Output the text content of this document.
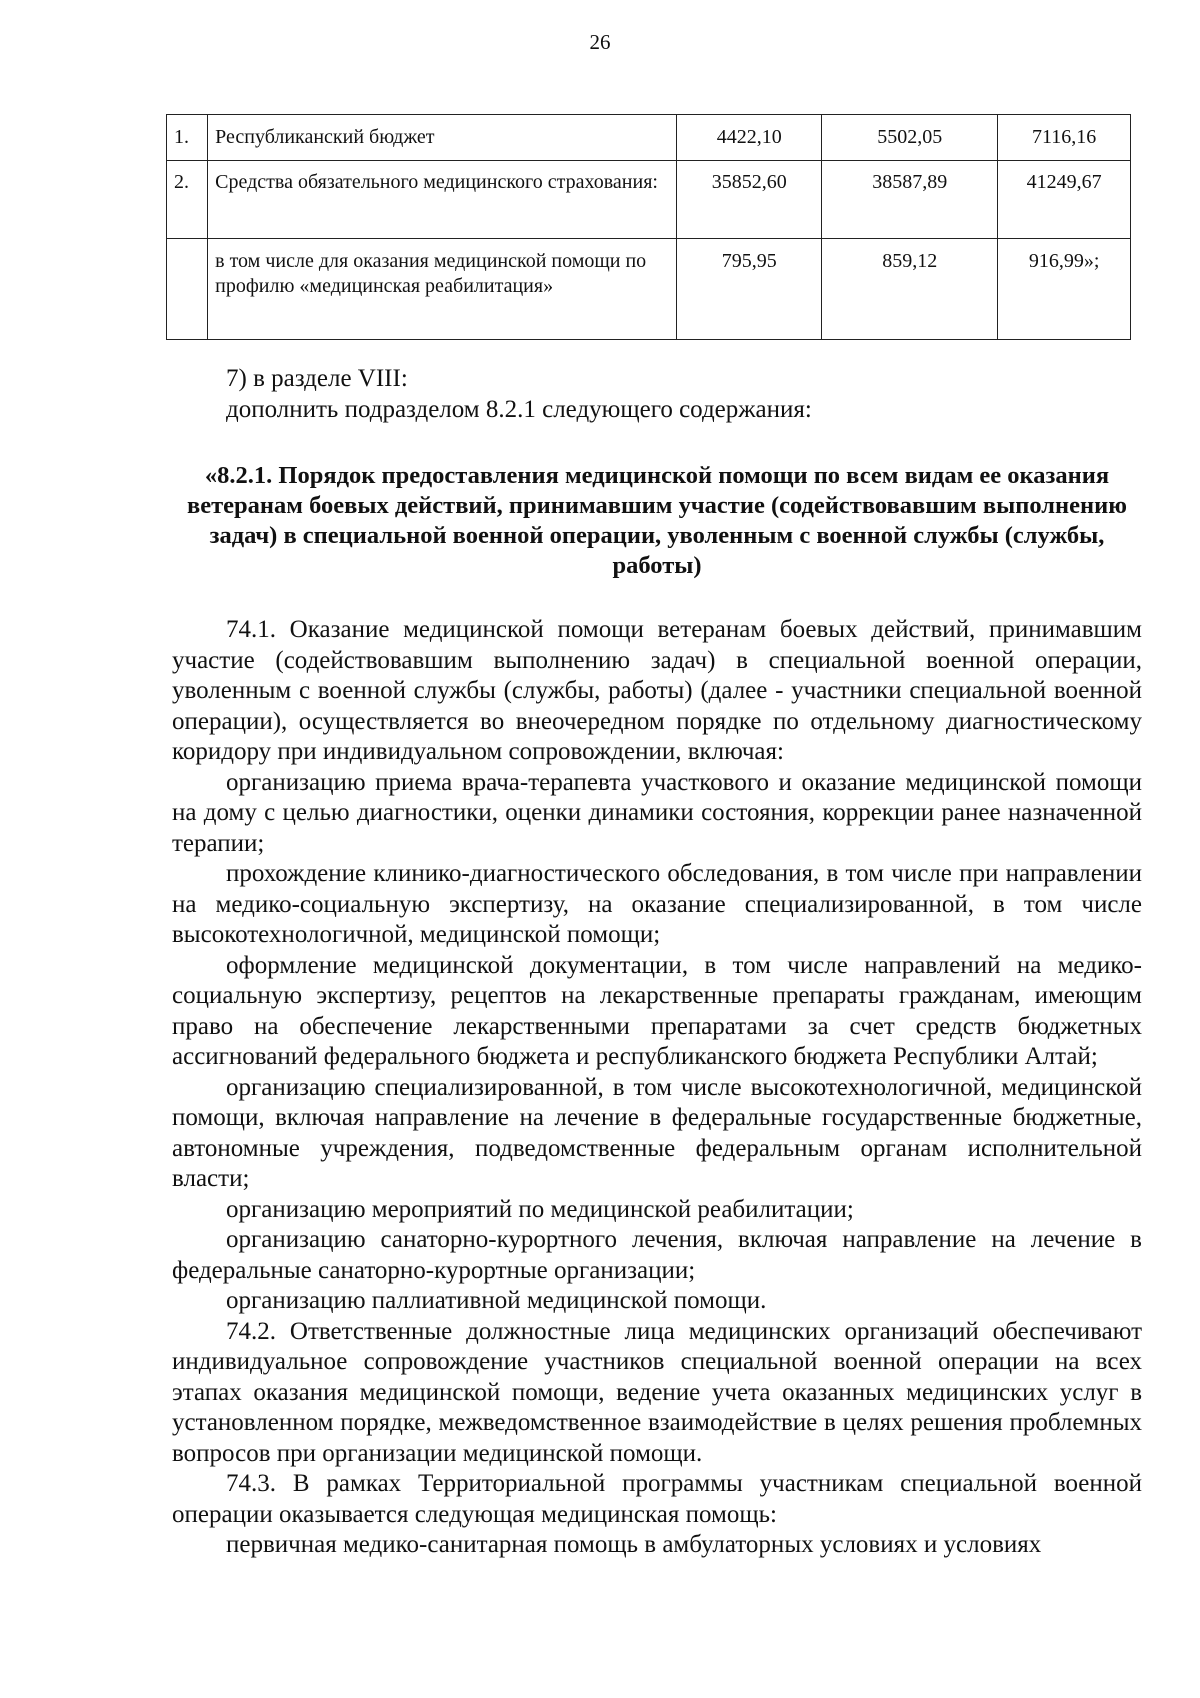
26
1.	Республиканский бюджет	4422,10	5502,05	7116,16
2.	Средства обязательного медицинского страхования:	35852,60	38587,89	41249,67
	в том числе для оказания медицинской помощи по профилю «медицинская реабилитация»	795,95	859,12	916,99»;

7) в разделе VIII:

дополнить подразделом 8.2.1 следующего содержания:

«8.2.1. Порядок предоставления медицинской помощи по всем видам ее оказания ветеранам боевых действий, принимавшим участие (содействовавшим выполнению задач) в специальной военной операции, уволенным с военной службы (службы, работы)

74.1. Оказание медицинской помощи ветеранам боевых действий, принимавшим участие (содействовавшим выполнению задач) в специальной военной операции, уволенным с военной службы (службы, работы) (далее - участники специальной военной операции), осуществляется во внеочередном порядке по отдельному диагностическому коридору при индивидуальном сопровождении, включая:

организацию приема врача-терапевта участкового и оказание медицинской помощи на дому с целью диагностики, оценки динамики состояния, коррекции ранее назначенной терапии;

прохождение клинико-диагностического обследования, в том числе при направлении на медико-социальную экспертизу, на оказание специализированной, в том числе высокотехнологичной, медицинской помощи;

оформление медицинской документации, в том числе направлений на медико-социальную экспертизу, рецептов на лекарственные препараты гражданам, имеющим право на обеспечение лекарственными препаратами за счет средств бюджетных ассигнований федерального бюджета и республиканского бюджета Республики Алтай;

организацию специализированной, в том числе высокотехнологичной, медицинской помощи, включая направление на лечение в федеральные государственные бюджетные, автономные учреждения, подведомственные федеральным органам исполнительной власти;

организацию мероприятий по медицинской реабилитации;

организацию санаторно-курортного лечения, включая направление на лечение в федеральные санаторно-курортные организации;

организацию паллиативной медицинской помощи.

74.2. Ответственные должностные лица медицинских организаций обеспечивают индивидуальное сопровождение участников специальной военной операции на всех этапах оказания медицинской помощи, ведение учета оказанных медицинских услуг в установленном порядке, межведомственное взаимодействие в целях решения проблемных вопросов при организации медицинской помощи.

74.3. В рамках Территориальной программы участникам специальной военной операции оказывается следующая медицинская помощь:

первичная медико-санитарная помощь в амбулаторных условиях и условиях
